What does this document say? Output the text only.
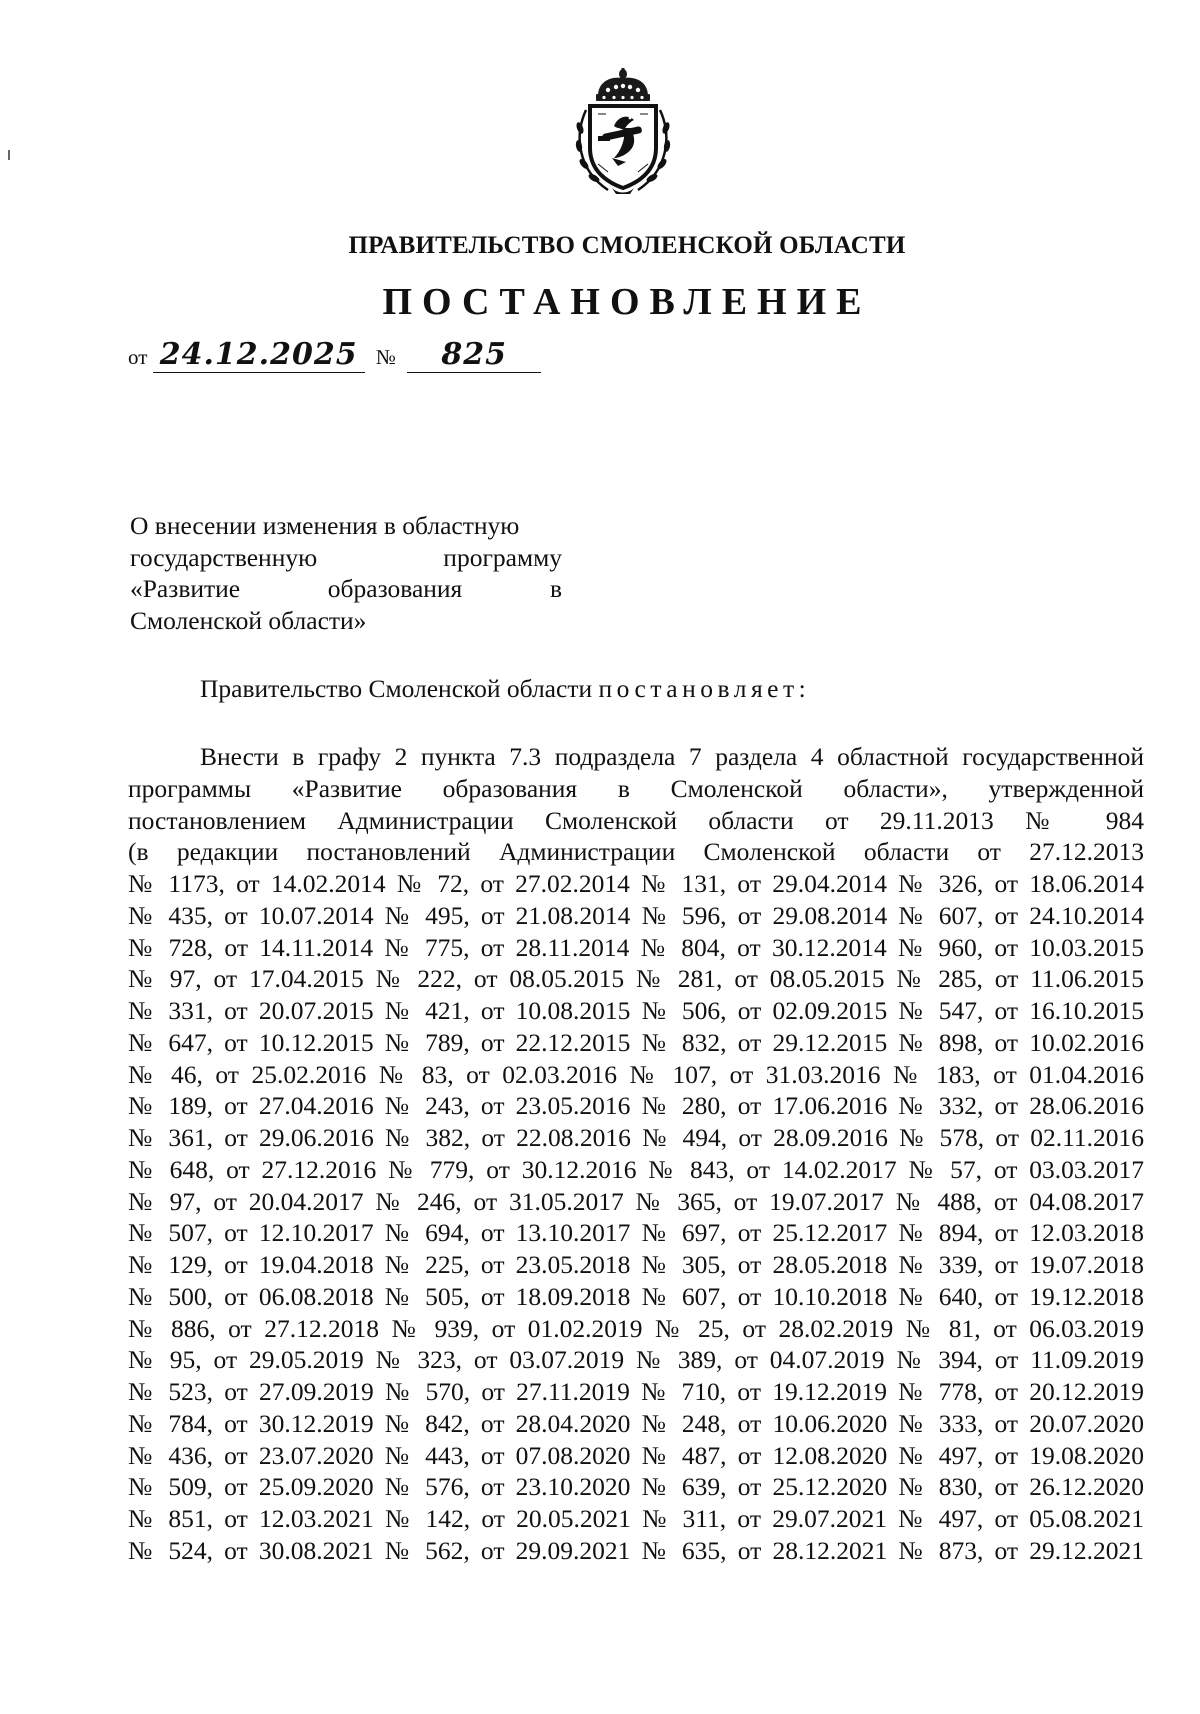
ПРАВИТЕЛЬСТВО СМОЛЕНСКОЙ ОБЛАСТИ
ПОСТАНОВЛЕНИЕ
от 24.12.2025 № 825
О внесении изменения в областную
государственную	программу
«Развитие	образования	в
Смоленской области»
Правительство Смоленской области постановляет:
Внести в графу 2 пункта 7.3 подраздела 7 раздела 4 областной государственной
программы «Развитие образования в Смоленской области», утвержденной
постановлением Администрации Смоленской области от 29.11.2013 № 984
(в редакции постановлений Администрации Смоленской области от 27.12.2013
№ 1173, от 14.02.2014 № 72, от 27.02.2014 № 131, от 29.04.2014 № 326, от 18.06.2014
№ 435, от 10.07.2014 № 495, от 21.08.2014 № 596, от 29.08.2014 № 607, от 24.10.2014
№ 728, от 14.11.2014 № 775, от 28.11.2014 № 804, от 30.12.2014 № 960, от 10.03.2015
№ 97, от 17.04.2015 № 222, от 08.05.2015 № 281, от 08.05.2015 № 285, от 11.06.2015
№ 331, от 20.07.2015 № 421, от 10.08.2015 № 506, от 02.09.2015 № 547, от 16.10.2015
№ 647, от 10.12.2015 № 789, от 22.12.2015 № 832, от 29.12.2015 № 898, от 10.02.2016
№ 46, от 25.02.2016 № 83, от 02.03.2016 № 107, от 31.03.2016 № 183, от 01.04.2016
№ 189, от 27.04.2016 № 243, от 23.05.2016 № 280, от 17.06.2016 № 332, от 28.06.2016
№ 361, от 29.06.2016 № 382, от 22.08.2016 № 494, от 28.09.2016 № 578, от 02.11.2016
№ 648, от 27.12.2016 № 779, от 30.12.2016 № 843, от 14.02.2017 № 57, от 03.03.2017
№ 97, от 20.04.2017 № 246, от 31.05.2017 № 365, от 19.07.2017 № 488, от 04.08.2017
№ 507, от 12.10.2017 № 694, от 13.10.2017 № 697, от 25.12.2017 № 894, от 12.03.2018
№ 129, от 19.04.2018 № 225, от 23.05.2018 № 305, от 28.05.2018 № 339, от 19.07.2018
№ 500, от 06.08.2018 № 505, от 18.09.2018 № 607, от 10.10.2018 № 640, от 19.12.2018
№ 886, от 27.12.2018 № 939, от 01.02.2019 № 25, от 28.02.2019 № 81, от 06.03.2019
№ 95, от 29.05.2019 № 323, от 03.07.2019 № 389, от 04.07.2019 № 394, от 11.09.2019
№ 523, от 27.09.2019 № 570, от 27.11.2019 № 710, от 19.12.2019 № 778, от 20.12.2019
№ 784, от 30.12.2019 № 842, от 28.04.2020 № 248, от 10.06.2020 № 333, от 20.07.2020
№ 436, от 23.07.2020 № 443, от 07.08.2020 № 487, от 12.08.2020 № 497, от 19.08.2020
№ 509, от 25.09.2020 № 576, от 23.10.2020 № 639, от 25.12.2020 № 830, от 26.12.2020
№ 851, от 12.03.2021 № 142, от 20.05.2021 № 311, от 29.07.2021 № 497, от 05.08.2021
№ 524, от 30.08.2021 № 562, от 29.09.2021 № 635, от 28.12.2021 № 873, от 29.12.2021
